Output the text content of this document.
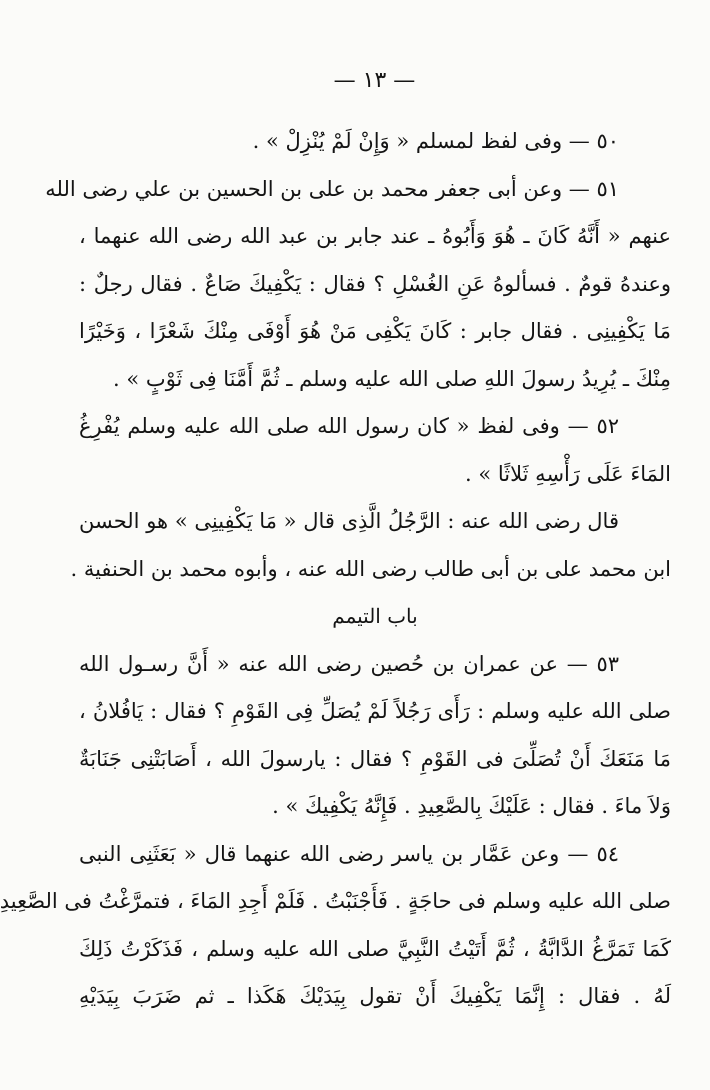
— ١٣ —
٥٠ — وفى لفظ لمسلم « وَإِنْ لَمْ يُنْزِلْ » .
٥١ — وعن أبى جعفر محمد بن على بن الحسين بن علي رضى الله
عنهم « أَنَّهُ كَانَ ـ هُوَ وَأَبُوهُ ـ عند جابر بن عبد الله رضى الله عنهما ،
وعندهُ قومٌ . فسألوهُ عَنِ الغُسْلِ ؟ فقال : يَكْفِيكَ صَاعٌ . فقال رجلٌ :
مَا يَكْفِينِى . فقال جابر : كَانَ يَكْفِى مَنْ هُوَ أَوْفَى مِنْكَ شَعْرًا ، وَخَيْرًا
مِنْكَ ـ يُرِيدُ رسولَ اللهِ صلى الله عليه وسلم ـ ثُمَّ أَمَّنَا فِى ثَوْبٍ » .
٥٢ — وفى لفظ « كان رسول الله صلى الله عليه وسلم يُفْرِغُ
المَاءَ عَلَى رَأْسِهِ ثَلاثًا » .
قال رضى الله عنه : الرَّجُلُ الَّذِى قال « مَا يَكْفِينِى » هو الحسن
ابن محمد على بن أبى طالب رضى الله عنه ، وأبوه محمد بن الحنفية .
باب التيمم
٥٣ — عن عمران بن حُصين رضى الله عنه « أَنَّ رسـول الله
صلى الله عليه وسلم : رَأَى رَجُلاً لَمْ يُصَلِّ فِى القَوْمِ ؟ فقال : يَافُلانُ ،
مَا مَنَعَكَ أَنْ تُصَلِّىَ فى القَوْمِ ؟ فقال : يارسولَ الله ، أَصَابَتْنِى جَنَابَةٌ
وَلاَ ماءَ . فقال : عَلَيْكَ بِالصَّعِيدِ . فَإِنَّهُ يَكْفِيكَ » .
٥٤ — وعن عَمَّار بن ياسر رضى الله عنهما قال « بَعَثَنِى النبى
صلى الله عليه وسلم فى حاجَةٍ . فَأَجْنَبْتُ . فَلَمْ أَجِدِ المَاءَ ، فتمرَّغْتُ فى الصَّعِيدِ
كَمَا تَمَرَّغُ الدَّابَّةُ ، ثُمَّ أَتَيْتُ النَّبِيَّ صلى الله عليه وسلم ، فَذَكَرْتُ ذَلِكَ
لَهُ . فقال : إِنَّمَا يَكْفِيكَ أَنْ تقول بِيَدَيْكَ هَكَذا ـ ثم ضَرَبَ بِيَدَيْهِ
